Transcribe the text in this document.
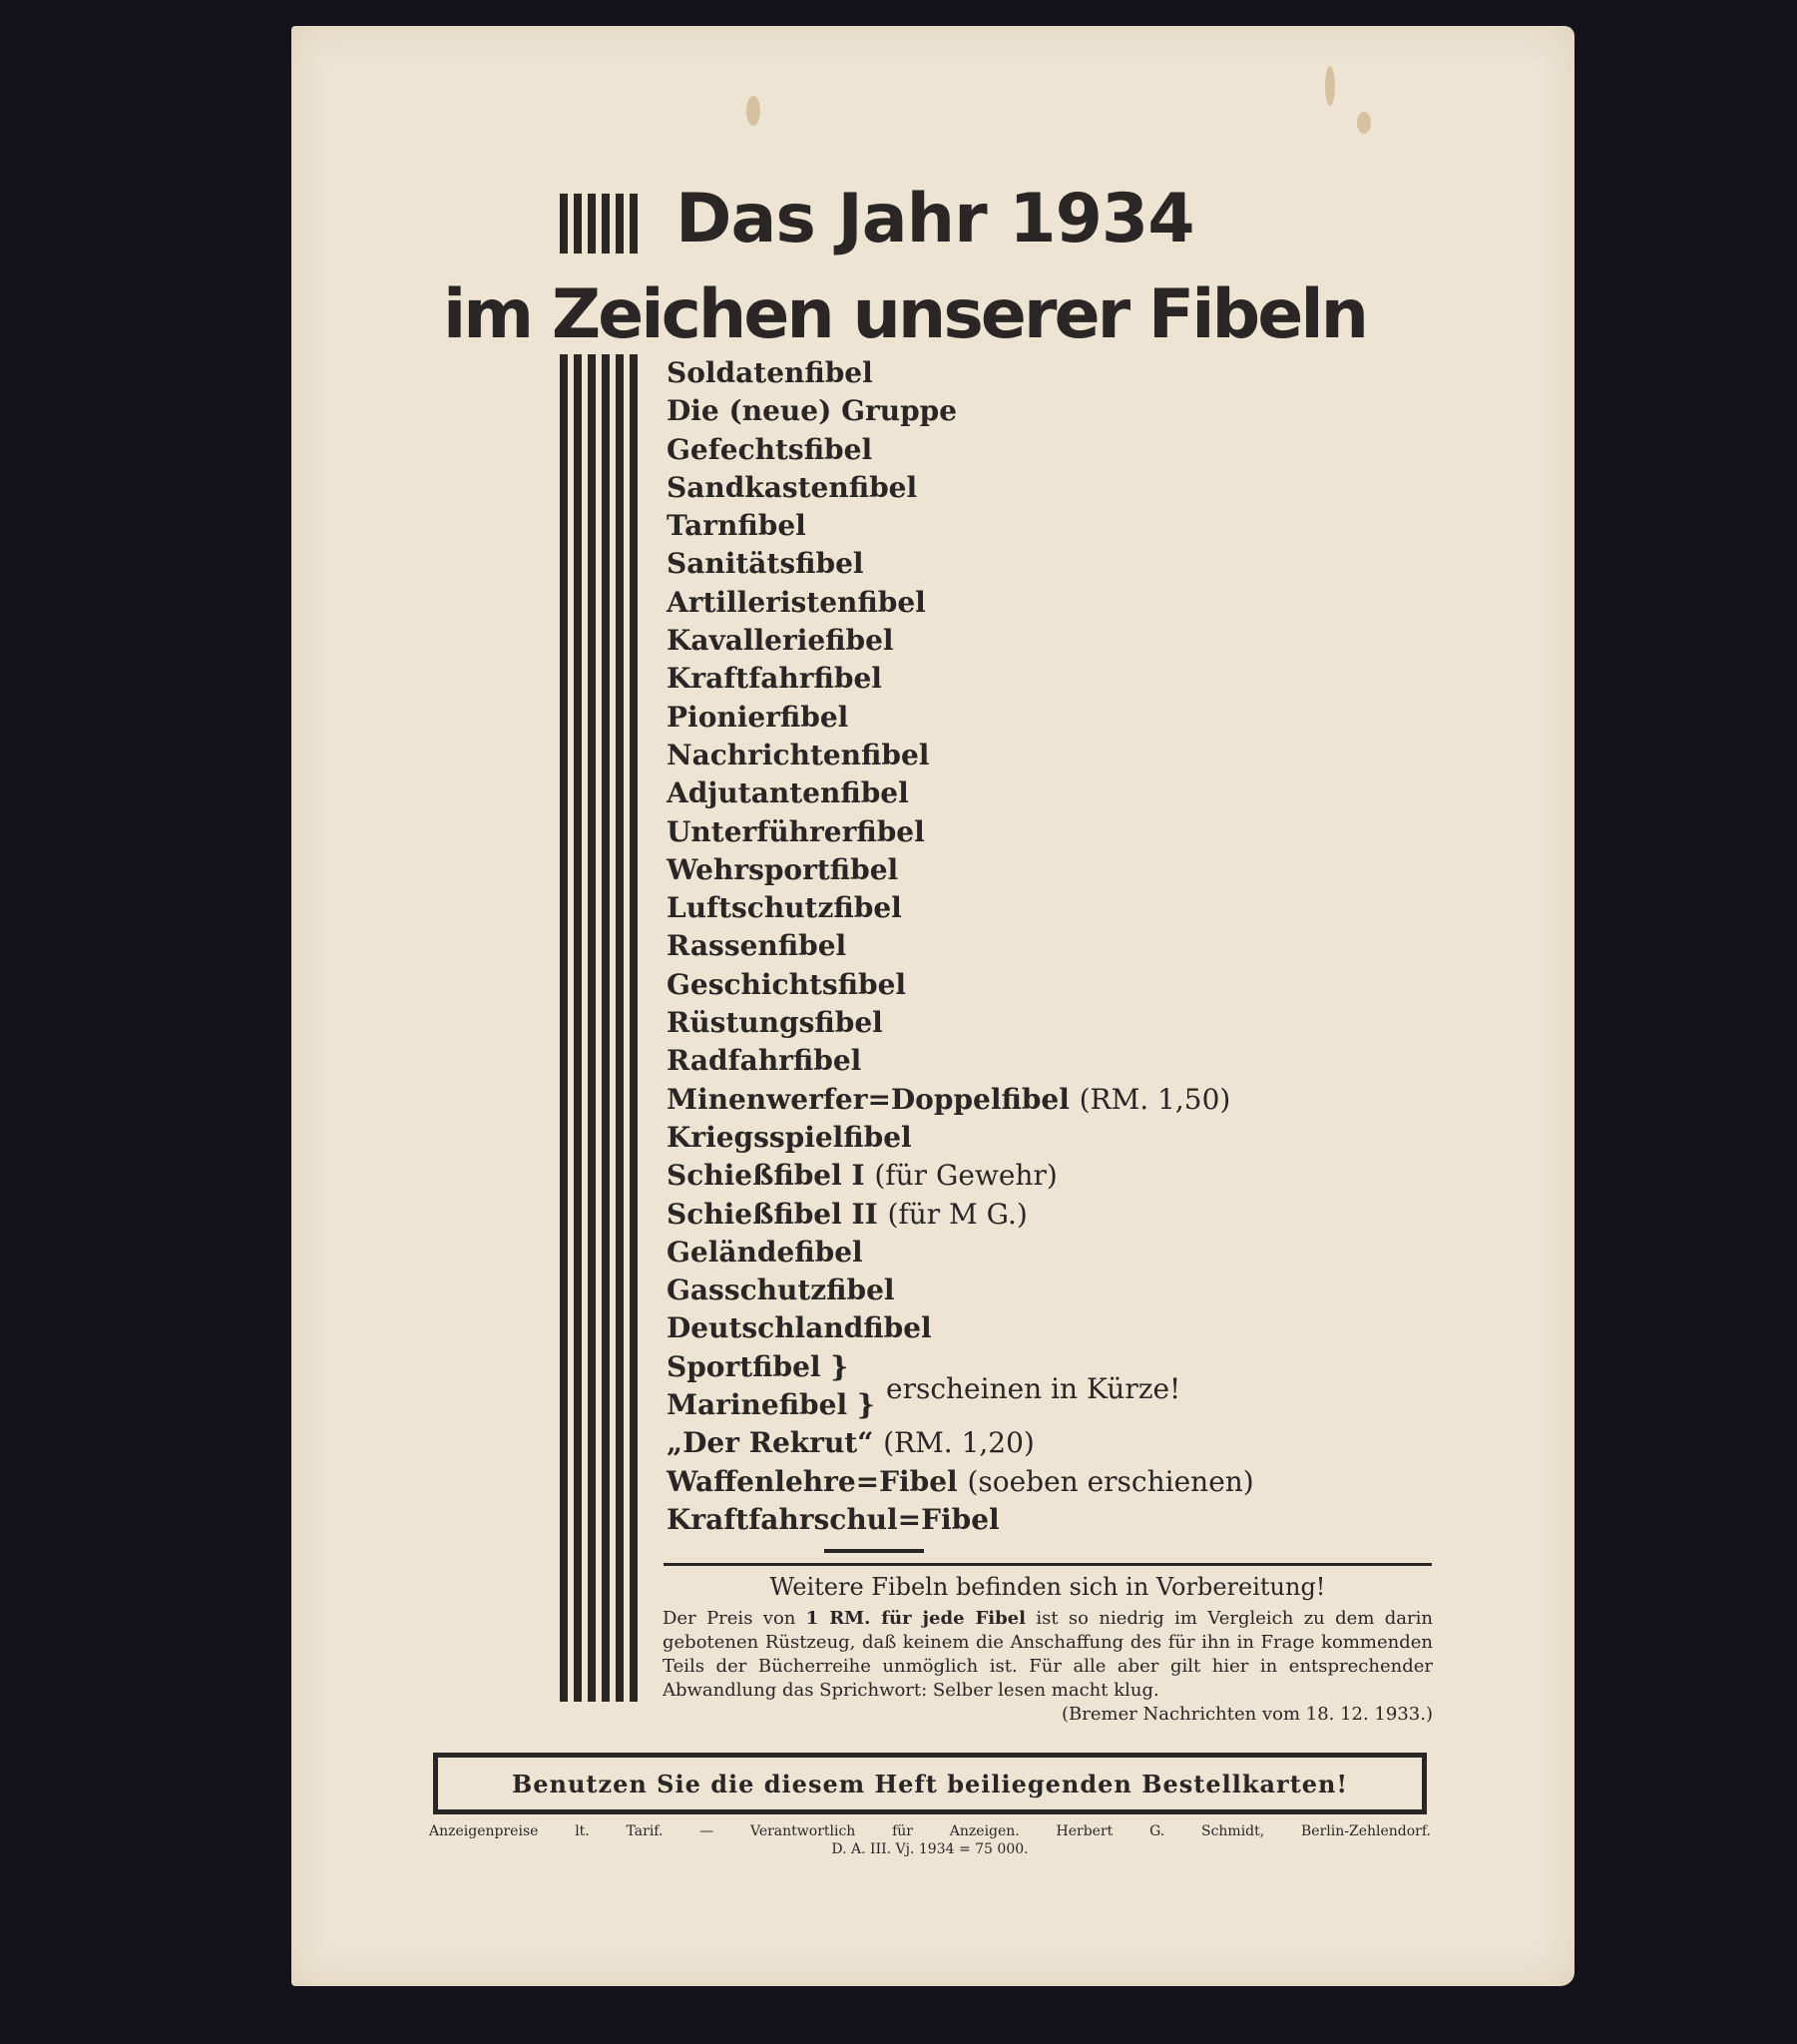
Das Jahr 1934
im Zeichen unserer Fibeln
Soldatenfibel
Die (neue) Gruppe
Gefechtsfibel
Sandkastenfibel
Tarnfibel
Sanitätsfibel
Artilleristenfibel
Kavalleriefibel
Kraftfahrfibel
Pionierfibel
Nachrichtenfibel
Adjutantenfibel
Unterführerfibel
Wehrsportfibel
Luftschutzfibel
Rassenfibel
Geschichtsfibel
Rüstungsfibel
Radfahrfibel
Minenwerfer=Doppelfibel (RM. 1,50)
Kriegsspielfibel
Schießfibel I (für Gewehr)
Schießfibel II (für M G.)
Geländefibel
Gasschutzfibel
Deutschlandfibel
Sportfibel }
Marinefibel } erscheinen in Kürze!
„Der Rekrut“ (RM. 1,20)
Waffenlehre=Fibel (soeben erschienen)
Kraftfahrschul=Fibel
Weitere Fibeln befinden sich in Vorbereitung!

Der Preis von 1 RM. für jede Fibel ist so niedrig im Vergleich zu dem darin gebotenen Rüstzeug, daß keinem die Anschaffung des für ihn in Frage kommenden Teils der Bücherreihe unmöglich ist. Für alle aber gilt hier in entsprechender Abwandlung das Sprichwort: Selber lesen macht klug.
(Bremer Nachrichten vom 18. 12. 1933.)

Benutzen Sie die diesem Heft beiliegenden Bestellkarten!
Anzeigenpreise lt. Tarif. — Verantwortlich für Anzeigen. Herbert G. Schmidt, Berlin-Zehlendorf.
D. A. III. Vj. 1934 = 75 000.
